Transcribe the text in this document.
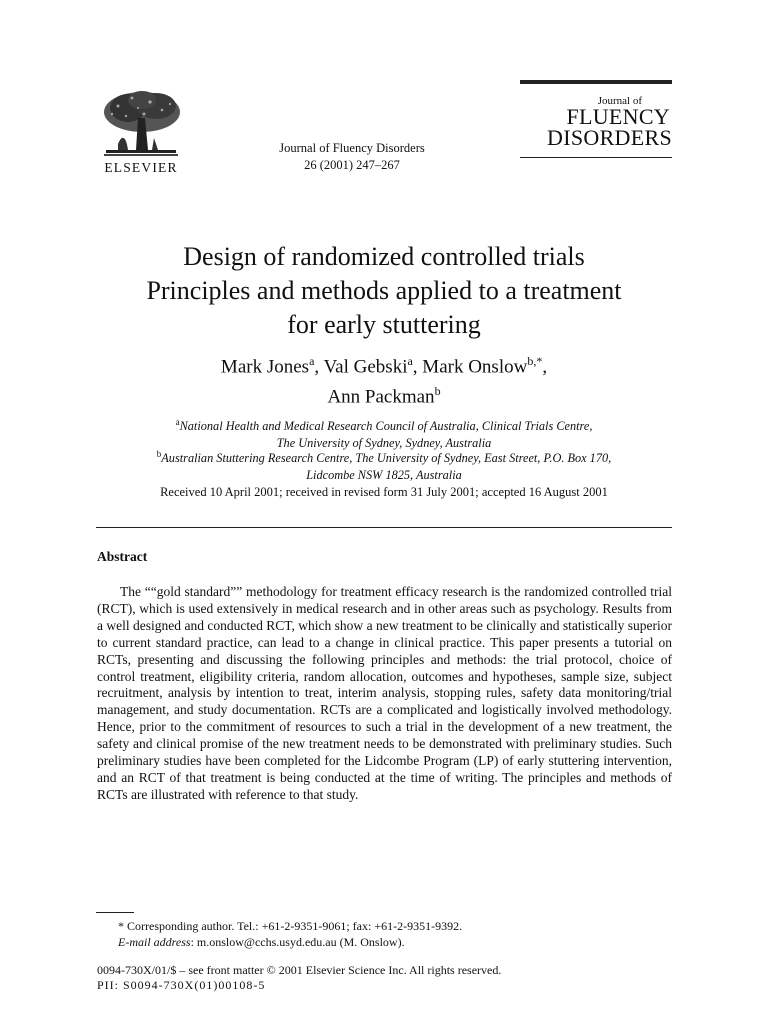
ELSEVIER
Journal of Fluency Disorders
26 (2001) 247–267
Journal of
FLUENCY
DISORDERS
Design of randomized controlled trials
Principles and methods applied to a treatment
for early stuttering
Mark Jones$^a$, Val Gebski$^a$, Mark Onslow$^{b,*}$,
Ann Packman$^b$
$^a$National Health and Medical Research Council of Australia, Clinical Trials Centre,
The University of Sydney, Sydney, Australia
$^b$Australian Stuttering Research Centre, The University of Sydney, East Street, P.O. Box 170,
Lidcombe NSW 1825, Australia
Received 10 April 2001; received in revised form 31 July 2001; accepted 16 August 2001
Abstract
The ““gold standard”” methodology for treatment efficacy research is the randomized controlled trial (RCT), which is used extensively in medical research and in other areas such as psychology. Results from a well designed and conducted RCT, which show a new treatment to be clinically and statistically superior to current standard practice, can lead to a change in clinical practice. This paper presents a tutorial on RCTs, presenting and discussing the following principles and methods: the trial protocol, choice of control treatment, eligibility criteria, random allocation, outcomes and hypotheses, sample size, subject recruitment, analysis by intention to treat, interim analysis, stopping rules, safety data monitoring/trial management, and study documentation. RCTs are a complicated and logistically involved methodology. Hence, prior to the commitment of resources to such a trial in the development of a new treatment, the safety and clinical promise of the new treatment needs to be demonstrated with preliminary studies. Such preliminary studies have been completed for the Lidcombe Program (LP) of early stuttering intervention, and an RCT of that treatment is being conducted at the time of writing. The principles and methods of RCTs are illustrated with reference to that study.
* Corresponding author. Tel.: +61-2-9351-9061; fax: +61-2-9351-9392.
E-mail address: m.onslow@cchs.usyd.edu.au (M. Onslow).
0094-730X/01/$ – see front matter © 2001 Elsevier Science Inc. All rights reserved.
PII: S0094-730X(01)00108-5
